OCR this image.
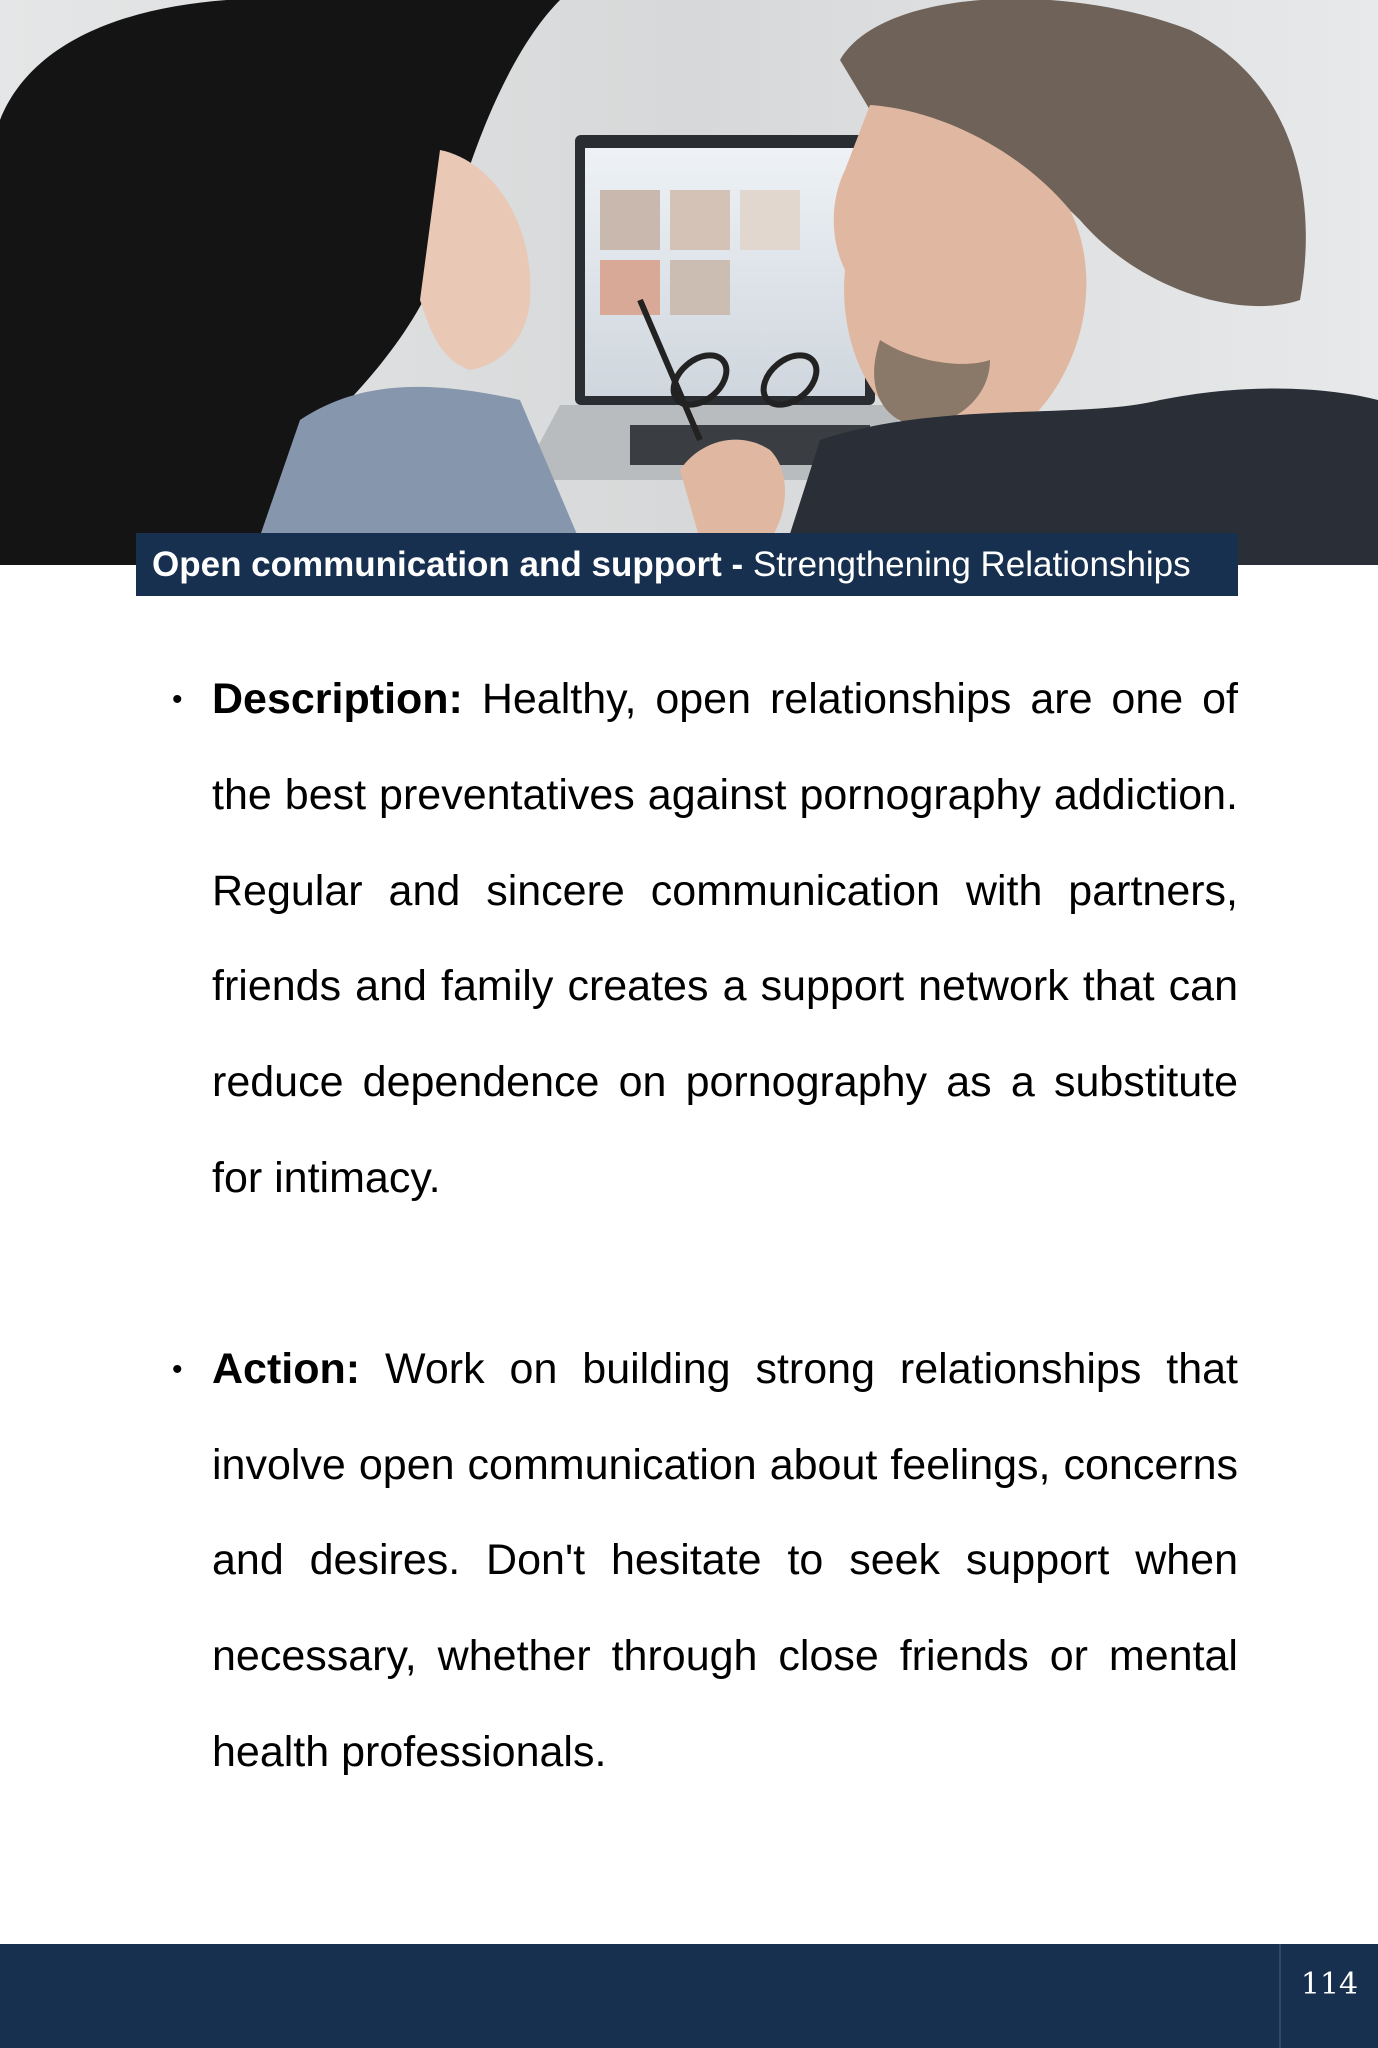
Open communication and support - Strengthening Relationships
• Description: Healthy, open relationships are one of the best preventatives against pornography addiction. Regular and sincere communication with partners, friends and family creates a support network that can reduce dependence on pornography as a substitute for intimacy.
• Action: Work on building strong relationships that involve open communication about feelings, concerns and desires. Don't hesitate to seek support when necessary, whether through close friends or mental health professionals.
114
